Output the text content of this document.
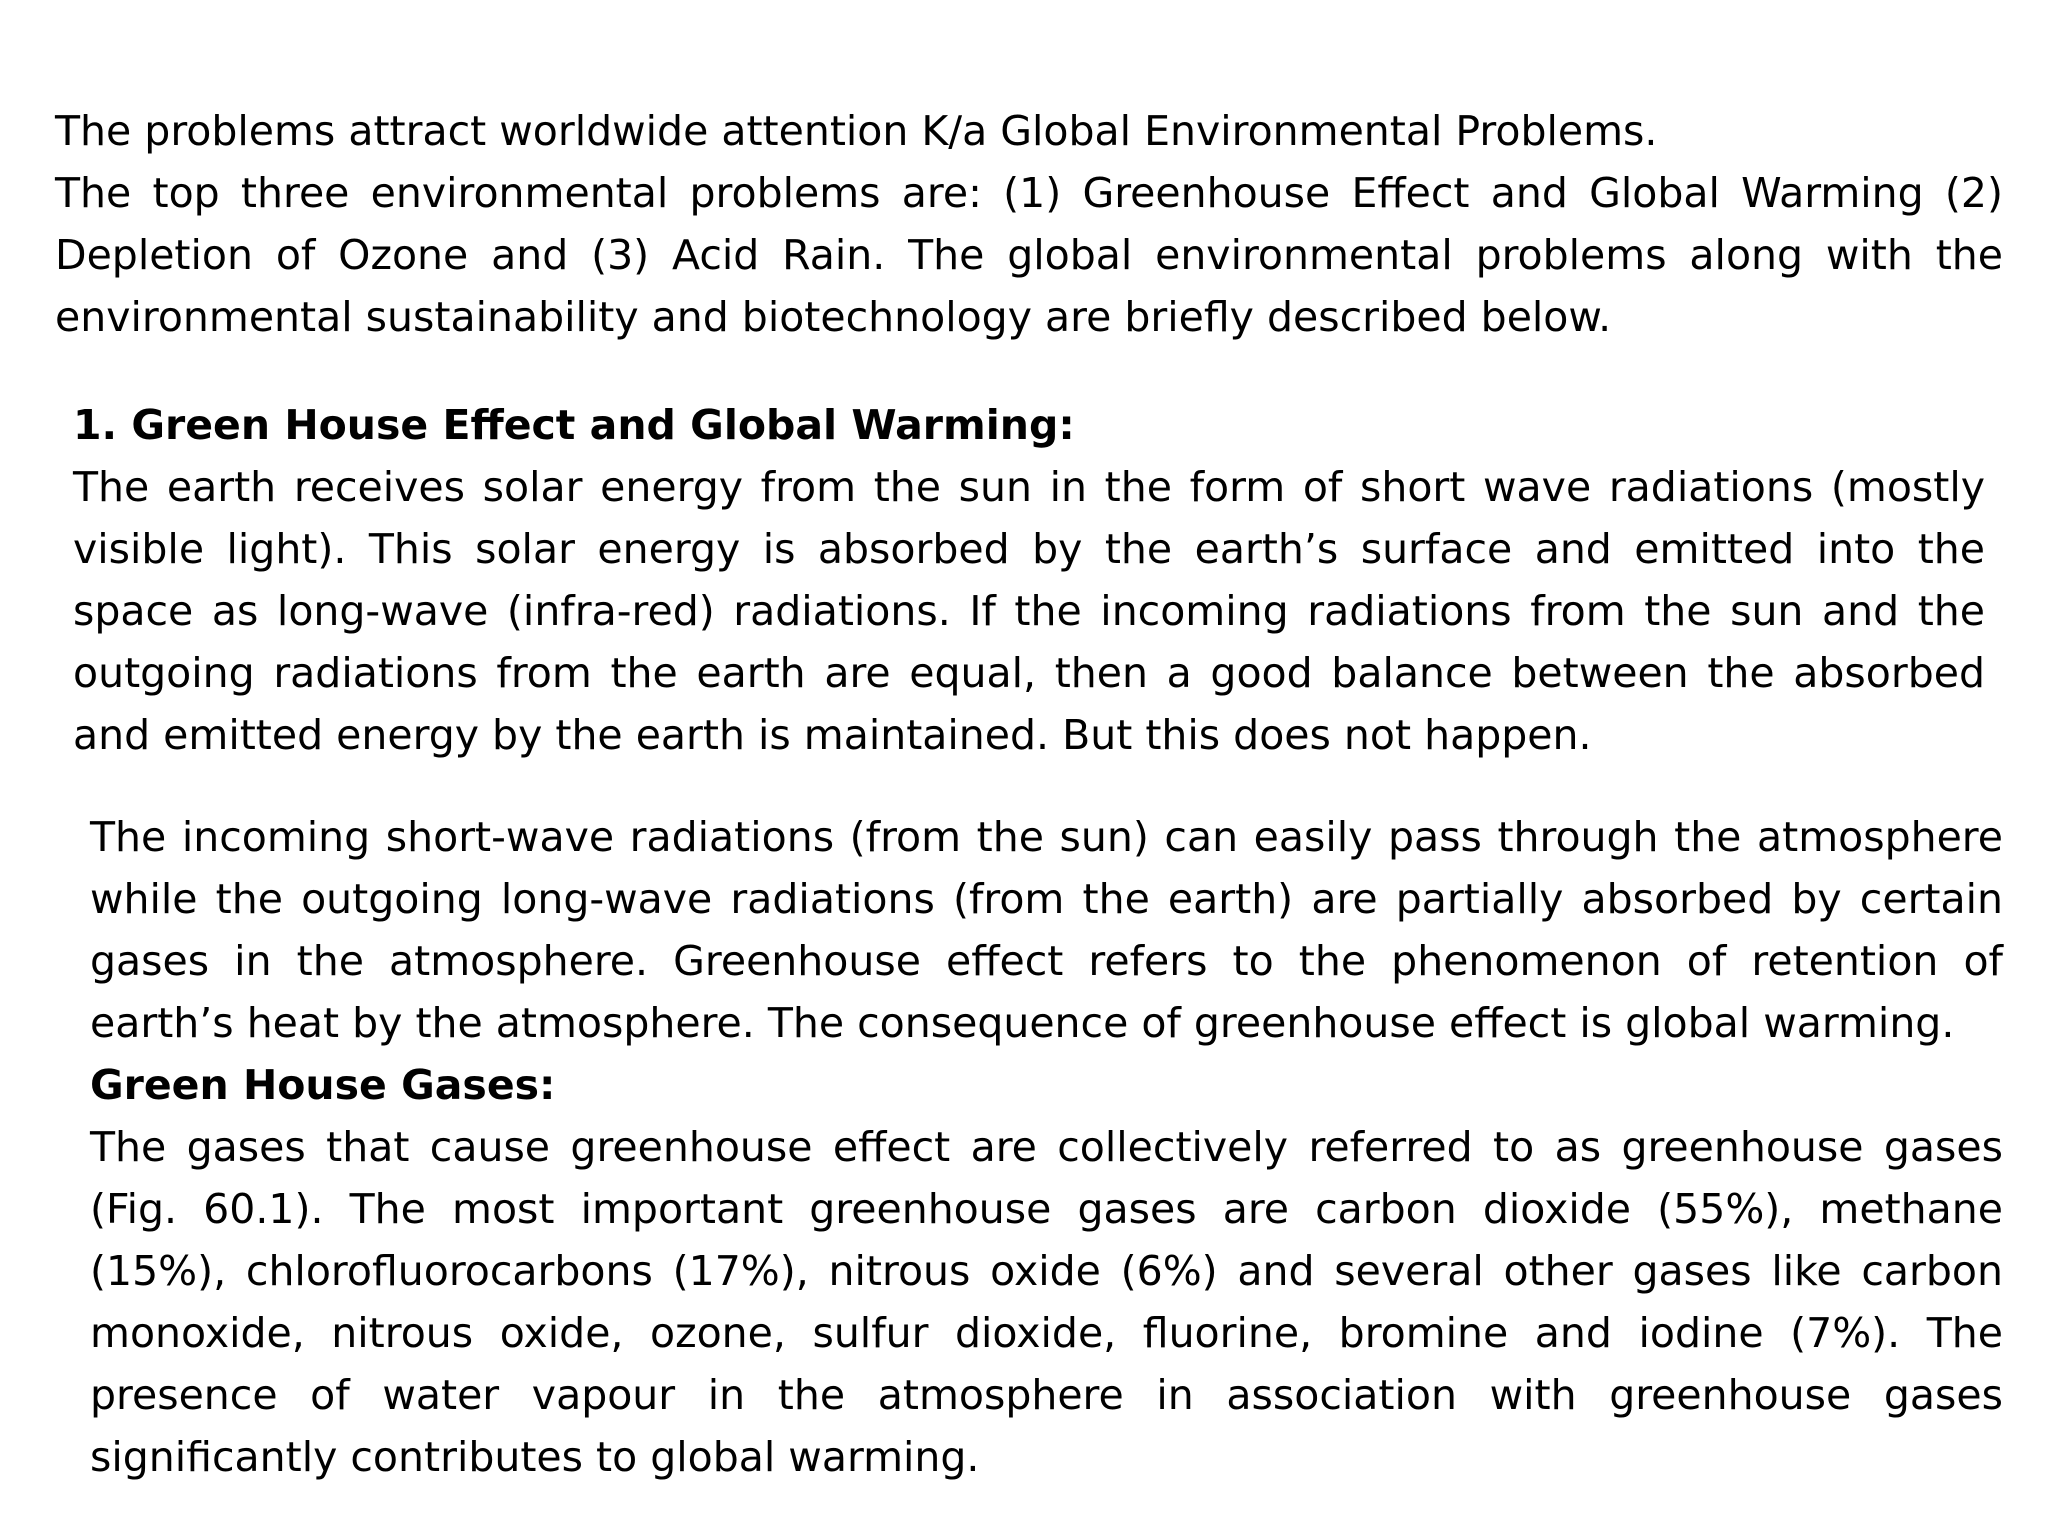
The problems attract worldwide attention K/a Global Environmental Problems.

The top three environmental problems are: (1) Greenhouse Effect and Global Warming (2) Depletion of Ozone and (3) Acid Rain. The global environmental problems along with the environmental sustainability and biotechnology are briefly described below.

1. Green House Effect and Global Warming:

The earth receives solar energy from the sun in the form of short wave radiations (mostly visible light). This solar energy is absorbed by the earth’s surface and emitted into the space as long-wave (infra-red) radiations. If the incoming radiations from the sun and the outgoing radiations from the earth are equal, then a good balance between the absorbed and emitted energy by the earth is maintained. But this does not happen.

The incoming short-wave radiations (from the sun) can easily pass through the atmosphere while the outgoing long-wave radiations (from the earth) are partially absorbed by certain gases in the atmosphere. Greenhouse effect refers to the phenomenon of retention of earth’s heat by the atmosphere. The consequence of greenhouse effect is global warming.

Green House Gases:

The gases that cause greenhouse effect are collectively referred to as greenhouse gases (Fig. 60.1). The most important greenhouse gases are carbon dioxide (55%), methane (15%), chlorofluorocarbons (17%), nitrous oxide (6%) and several other gases like carbon monoxide, nitrous oxide, ozone, sulfur dioxide, fluorine, bromine and iodine (7%). The presence of water vapour in the atmosphere in association with greenhouse gases significantly contributes to global warming.
